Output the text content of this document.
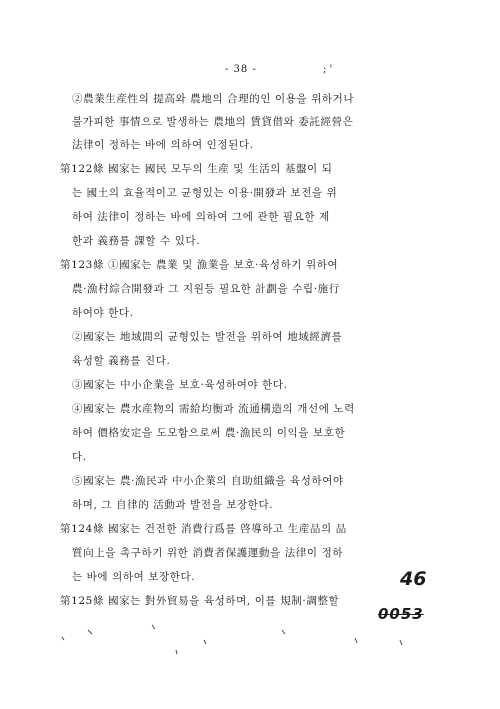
- 38 -	; '
②農業生産性의 提高와 農地의 合理的인 이용을 위하거나
불가피한 事情으로 발생하는 農地의 賃貸借와 委託經營은
法律이 정하는 바에 의하여 인정된다.
第122條 國家는 國民 모두의 生産 및 生活의 基盤이 되
는 國土의 효율적이고 균형있는 이용·開發과 보전을 위
하여 法律이 정하는 바에 의하여 그에 관한 필요한 제
한과 義務를 課할 수 있다.
第123條 ①國家는 農業 및 漁業을 보호·육성하기 위하여
農·漁村綜合開發과 그 지원등 필요한 計劃을 수립·施行
하여야 한다.
②國家는 地域間의 균형있는 발전을 위하여 地域經濟를
육성할 義務를 진다.
③國家는 中小企業을 보호·육성하여야 한다.
④國家는 農水産物의 需給均衡과 流通構造의 개선에 노력
하여 價格安定을 도모함으로써 農·漁民의 이익을 보호한
다.
⑤國家는 農·漁民과 中小企業의 自助組織을 육성하여야
하며, 그 自律的 活動과 발전을 보장한다.
第124條 國家는 건전한 消費行爲를 啓導하고 生産品의 品
質向上을 촉구하기 위한 消費者保護運動을 法律이 정하
는 바에 의하여 보장한다.
第125條 國家는 對外貿易을 육성하며, 이를 規制·調整할
46
0053
